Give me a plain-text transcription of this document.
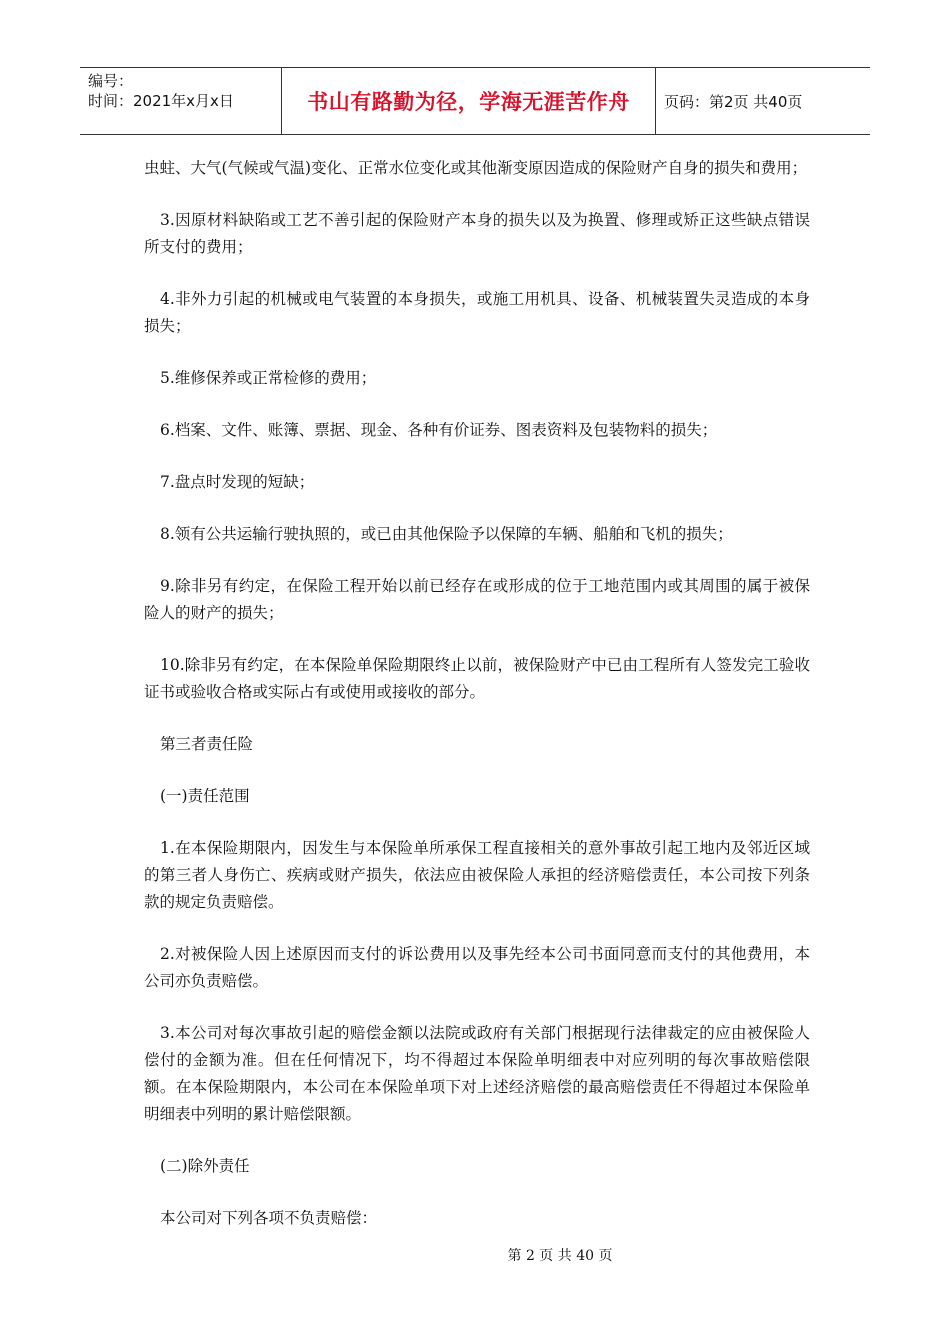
编号：
时间：2021年x月x日	书山有路勤为径，学海无涯苦作舟	页码：第2页 共40页

虫蛀、大气(气候或气温)变化、正常水位变化或其他渐变原因造成的保险财产自身的损失和费用；

3.因原材料缺陷或工艺不善引起的保险财产本身的损失以及为换置、修理或矫正这些缺点错误所支付的费用；

4.非外力引起的机械或电气装置的本身损失，或施工用机具、设备、机械装置失灵造成的本身损失；

5.维修保养或正常检修的费用；

6.档案、文件、账簿、票据、现金、各种有价证券、图表资料及包装物料的损失；

7.盘点时发现的短缺；

8.领有公共运输行驶执照的，或已由其他保险予以保障的车辆、船舶和飞机的损失；

9.除非另有约定，在保险工程开始以前已经存在或形成的位于工地范围内或其周围的属于被保险人的财产的损失；

10.除非另有约定，在本保险单保险期限终止以前，被保险财产中已由工程所有人签发完工验收证书或验收合格或实际占有或使用或接收的部分。

第三者责任险

(一)责任范围

1.在本保险期限内，因发生与本保险单所承保工程直接相关的意外事故引起工地内及邻近区域的第三者人身伤亡、疾病或财产损失，依法应由被保险人承担的经济赔偿责任，本公司按下列条款的规定负责赔偿。

2.对被保险人因上述原因而支付的诉讼费用以及事先经本公司书面同意而支付的其他费用，本公司亦负责赔偿。

3.本公司对每次事故引起的赔偿金额以法院或政府有关部门根据现行法律裁定的应由被保险人偿付的金额为准。但在任何情况下，均不得超过本保险单明细表中对应列明的每次事故赔偿限额。在本保险期限内，本公司在本保险单项下对上述经济赔偿的最高赔偿责任不得超过本保险单明细表中列明的累计赔偿限额。

(二)除外责任

本公司对下列各项不负责赔偿：

第 2 页 共 40 页
